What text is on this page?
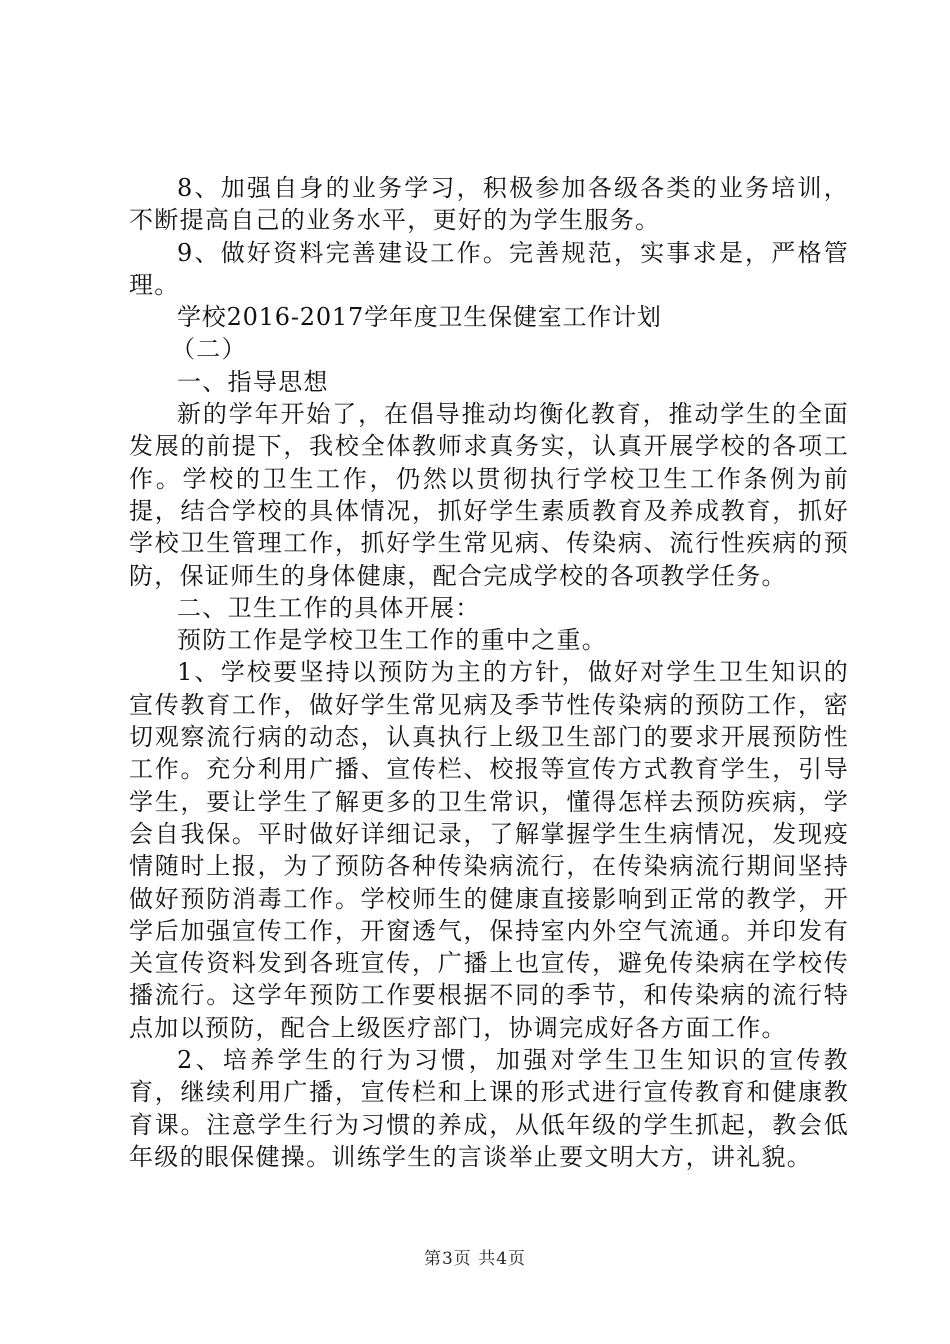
8、加强自身的业务学习，积极参加各级各类的业务培训，不断提高自己的业务水平，更好的为学生服务。

9、做好资料完善建设工作。完善规范，实事求是，严格管理。

学校2016-2017学年度卫生保健室工作计划

（二）

一、指导思想

新的学年开始了，在倡导推动均衡化教育，推动学生的全面发展的前提下，我校全体教师求真务实，认真开展学校的各项工作。学校的卫生工作，仍然以贯彻执行学校卫生工作条例为前提，结合学校的具体情况，抓好学生素质教育及养成教育，抓好学校卫生管理工作，抓好学生常见病、传染病、流行性疾病的预防，保证师生的身体健康，配合完成学校的各项教学任务。

二、卫生工作的具体开展：

预防工作是学校卫生工作的重中之重。

1、学校要坚持以预防为主的方针，做好对学生卫生知识的宣传教育工作，做好学生常见病及季节性传染病的预防工作，密切观察流行病的动态，认真执行上级卫生部门的要求开展预防性工作。充分利用广播、宣传栏、校报等宣传方式教育学生，引导学生，要让学生了解更多的卫生常识，懂得怎样去预防疾病，学会自我保。平时做好详细记录，了解掌握学生生病情况，发现疫情随时上报，为了预防各种传染病流行，在传染病流行期间坚持做好预防消毒工作。学校师生的健康直接影响到正常的教学，开学后加强宣传工作，开窗透气，保持室内外空气流通。并印发有关宣传资料发到各班宣传，广播上也宣传，避免传染病在学校传播流行。这学年预防工作要根据不同的季节，和传染病的流行特点加以预防，配合上级医疗部门，协调完成好各方面工作。

2、培养学生的行为习惯，加强对学生卫生知识的宣传教育，继续利用广播，宣传栏和上课的形式进行宣传教育和健康教育课。注意学生行为习惯的养成，从低年级的学生抓起，教会低年级的眼保健操。训练学生的言谈举止要文明大方，讲礼貌。

第3页 共4页
